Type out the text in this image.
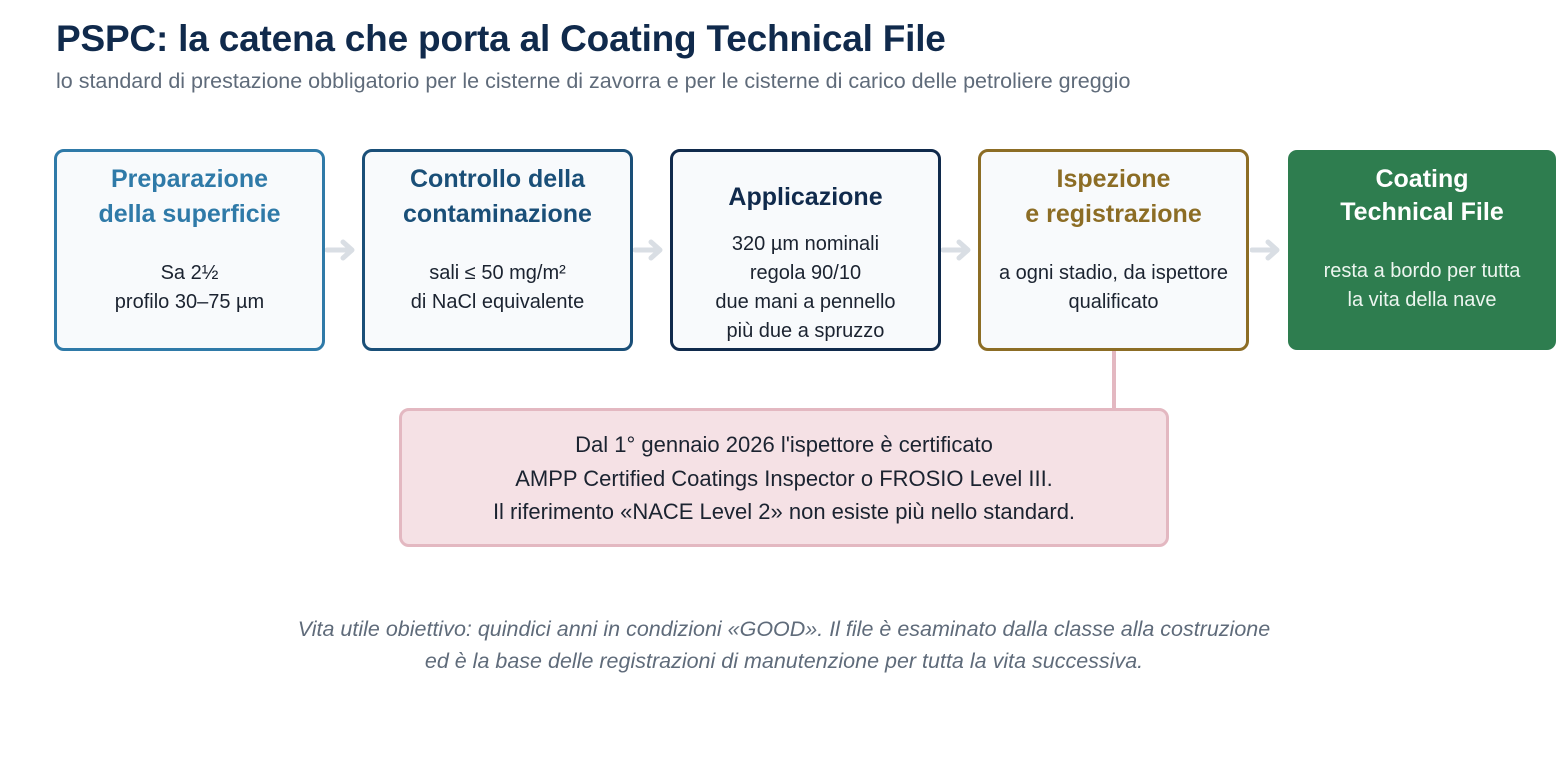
PSPC: la catena che porta al Coating Technical File
lo standard di prestazione obbligatorio per le cisterne di zavorra e per le cisterne di carico delle petroliere greggio
Preparazione
della superficie
Sa 2½
profilo 30–75 µm
Controllo della
contaminazione
sali ≤ 50 mg/m²
di NaCl equivalente
Applicazione
320 µm nominali
regola 90/10
due mani a pennello
più due a spruzzo
Ispezione
e registrazione
a ogni stadio, da ispettore
qualificato
Coating
Technical File
resta a bordo per tutta
la vita della nave
Dal 1° gennaio 2026 l'ispettore è certificato
AMPP Certified Coatings Inspector o FROSIO Level III.
Il riferimento «NACE Level 2» non esiste più nello standard.
Vita utile obiettivo: quindici anni in condizioni «GOOD». Il file è esaminato dalla classe alla costruzione
ed è la base delle registrazioni di manutenzione per tutta la vita successiva.
